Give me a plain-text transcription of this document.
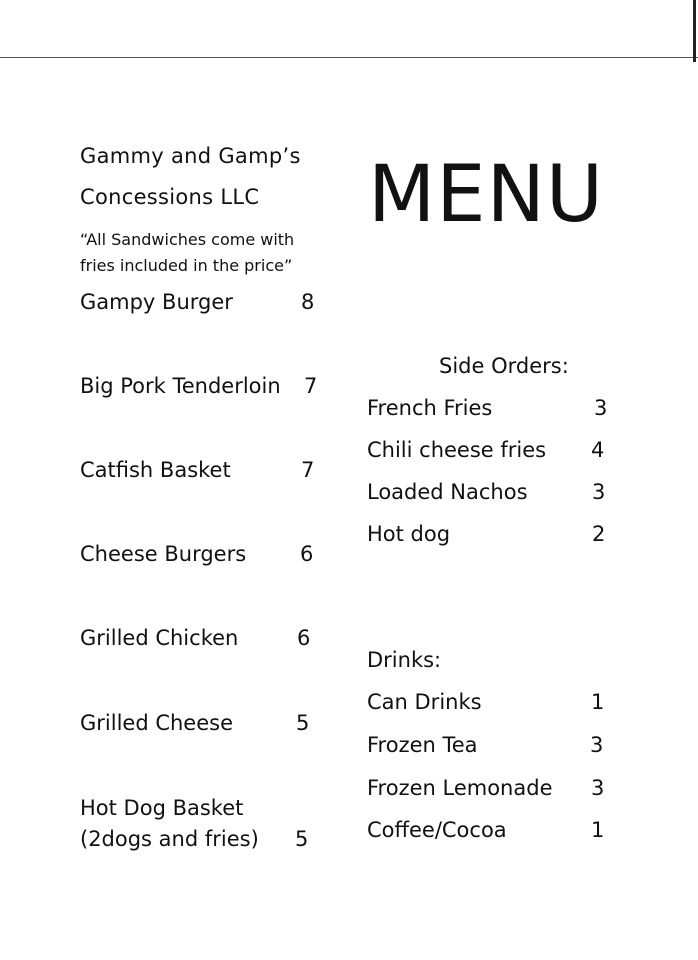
Gammy and Gamp’s
Concessions LLC
“All Sandwiches come with
fries included in the price”
MENU
Gampy Burger	8
Big Pork Tenderloin 7
Catfish Basket	7
Cheese Burgers	6
Grilled Chicken	6
Grilled Cheese	5
Hot Dog Basket
(2dogs and fries) 5
Side Orders:
French Fries	3
Chili cheese fries 4
Loaded Nachos	3
Hot dog	2
Drinks:
Can Drinks	1
Frozen Tea	3
Frozen Lemonade 3
Coffee/Cocoa	1
